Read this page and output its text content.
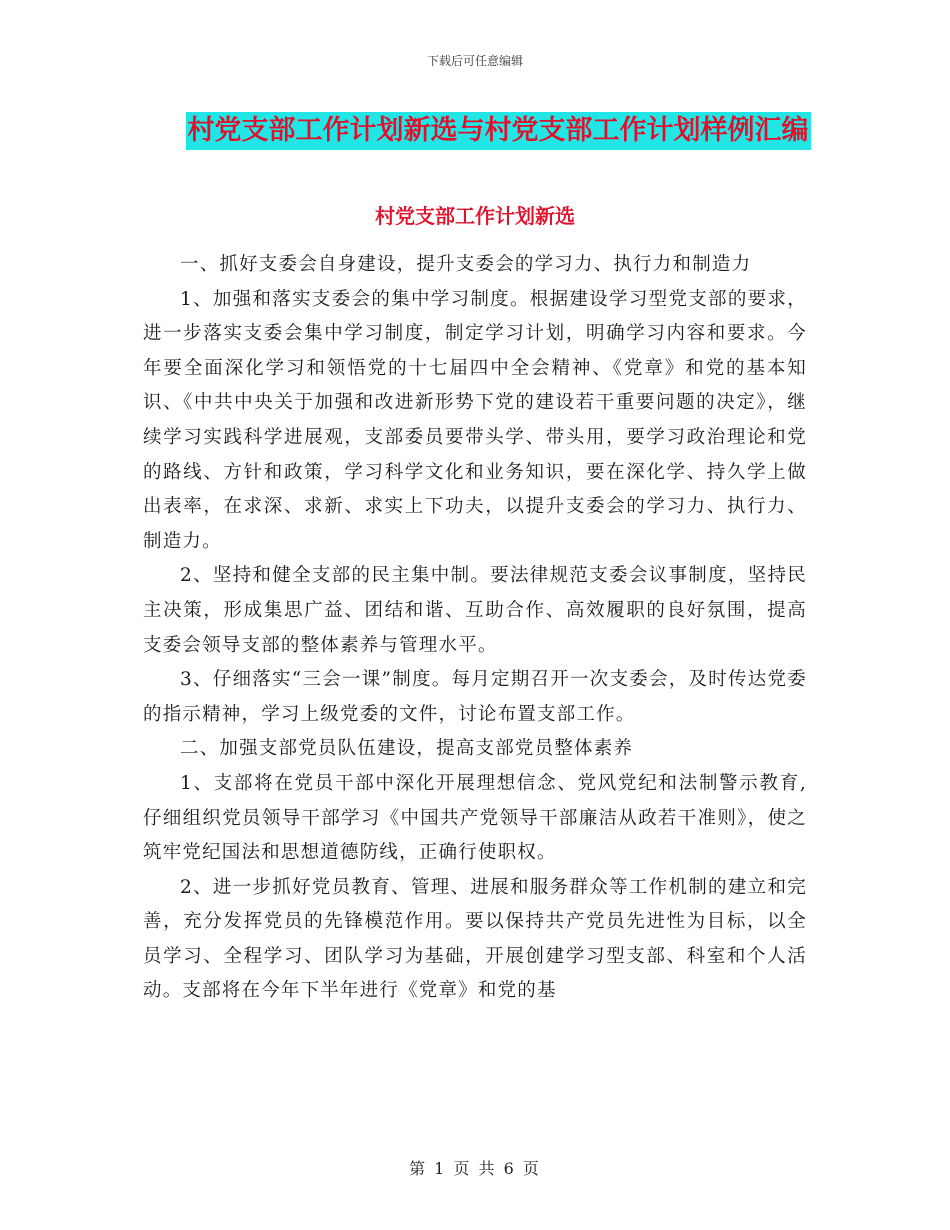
下载后可任意编辑
村党支部工作计划新选与村党支部工作计划样例汇编
村党支部工作计划新选

一、抓好支委会自身建设，提升支委会的学习力、执行力和制造力

1、加强和落实支委会的集中学习制度。根据建设学习型党支部的要求，进一步落实支委会集中学习制度，制定学习计划，明确学习内容和要求。今年要全面深化学习和领悟党的十七届四中全会精神、《党章》和党的基本知识、《中共中央关于加强和改进新形势下党的建设若干重要问题的决定》，继续学习实践科学进展观，支部委员要带头学、带头用，要学习政治理论和党的路线、方针和政策，学习科学文化和业务知识，要在深化学、持久学上做出表率，在求深、求新、求实上下功夫，以提升支委会的学习力、执行力、制造力。

2、坚持和健全支部的民主集中制。要法律规范支委会议事制度，坚持民主决策，形成集思广益、团结和谐、互助合作、高效履职的良好氛围，提高支委会领导支部的整体素养与管理水平。

3、仔细落实“三会一课”制度。每月定期召开一次支委会，及时传达党委的指示精神，学习上级党委的文件，讨论布置支部工作。

二、加强支部党员队伍建设，提高支部党员整体素养

1、支部将在党员干部中深化开展理想信念、党风党纪和法制警示教育,仔细组织党员领导干部学习《中国共产党领导干部廉洁从政若干准则》，使之筑牢党纪国法和思想道德防线，正确行使职权。

2、进一步抓好党员教育、管理、进展和服务群众等工作机制的建立和完善，充分发挥党员的先锋模范作用。要以保持共产党员先进性为目标，以全员学习、全程学习、团队学习为基础，开展创建学习型支部、科室和个人活动。支部将在今年下半年进行《党章》和党的基

第 1 页 共 6 页
